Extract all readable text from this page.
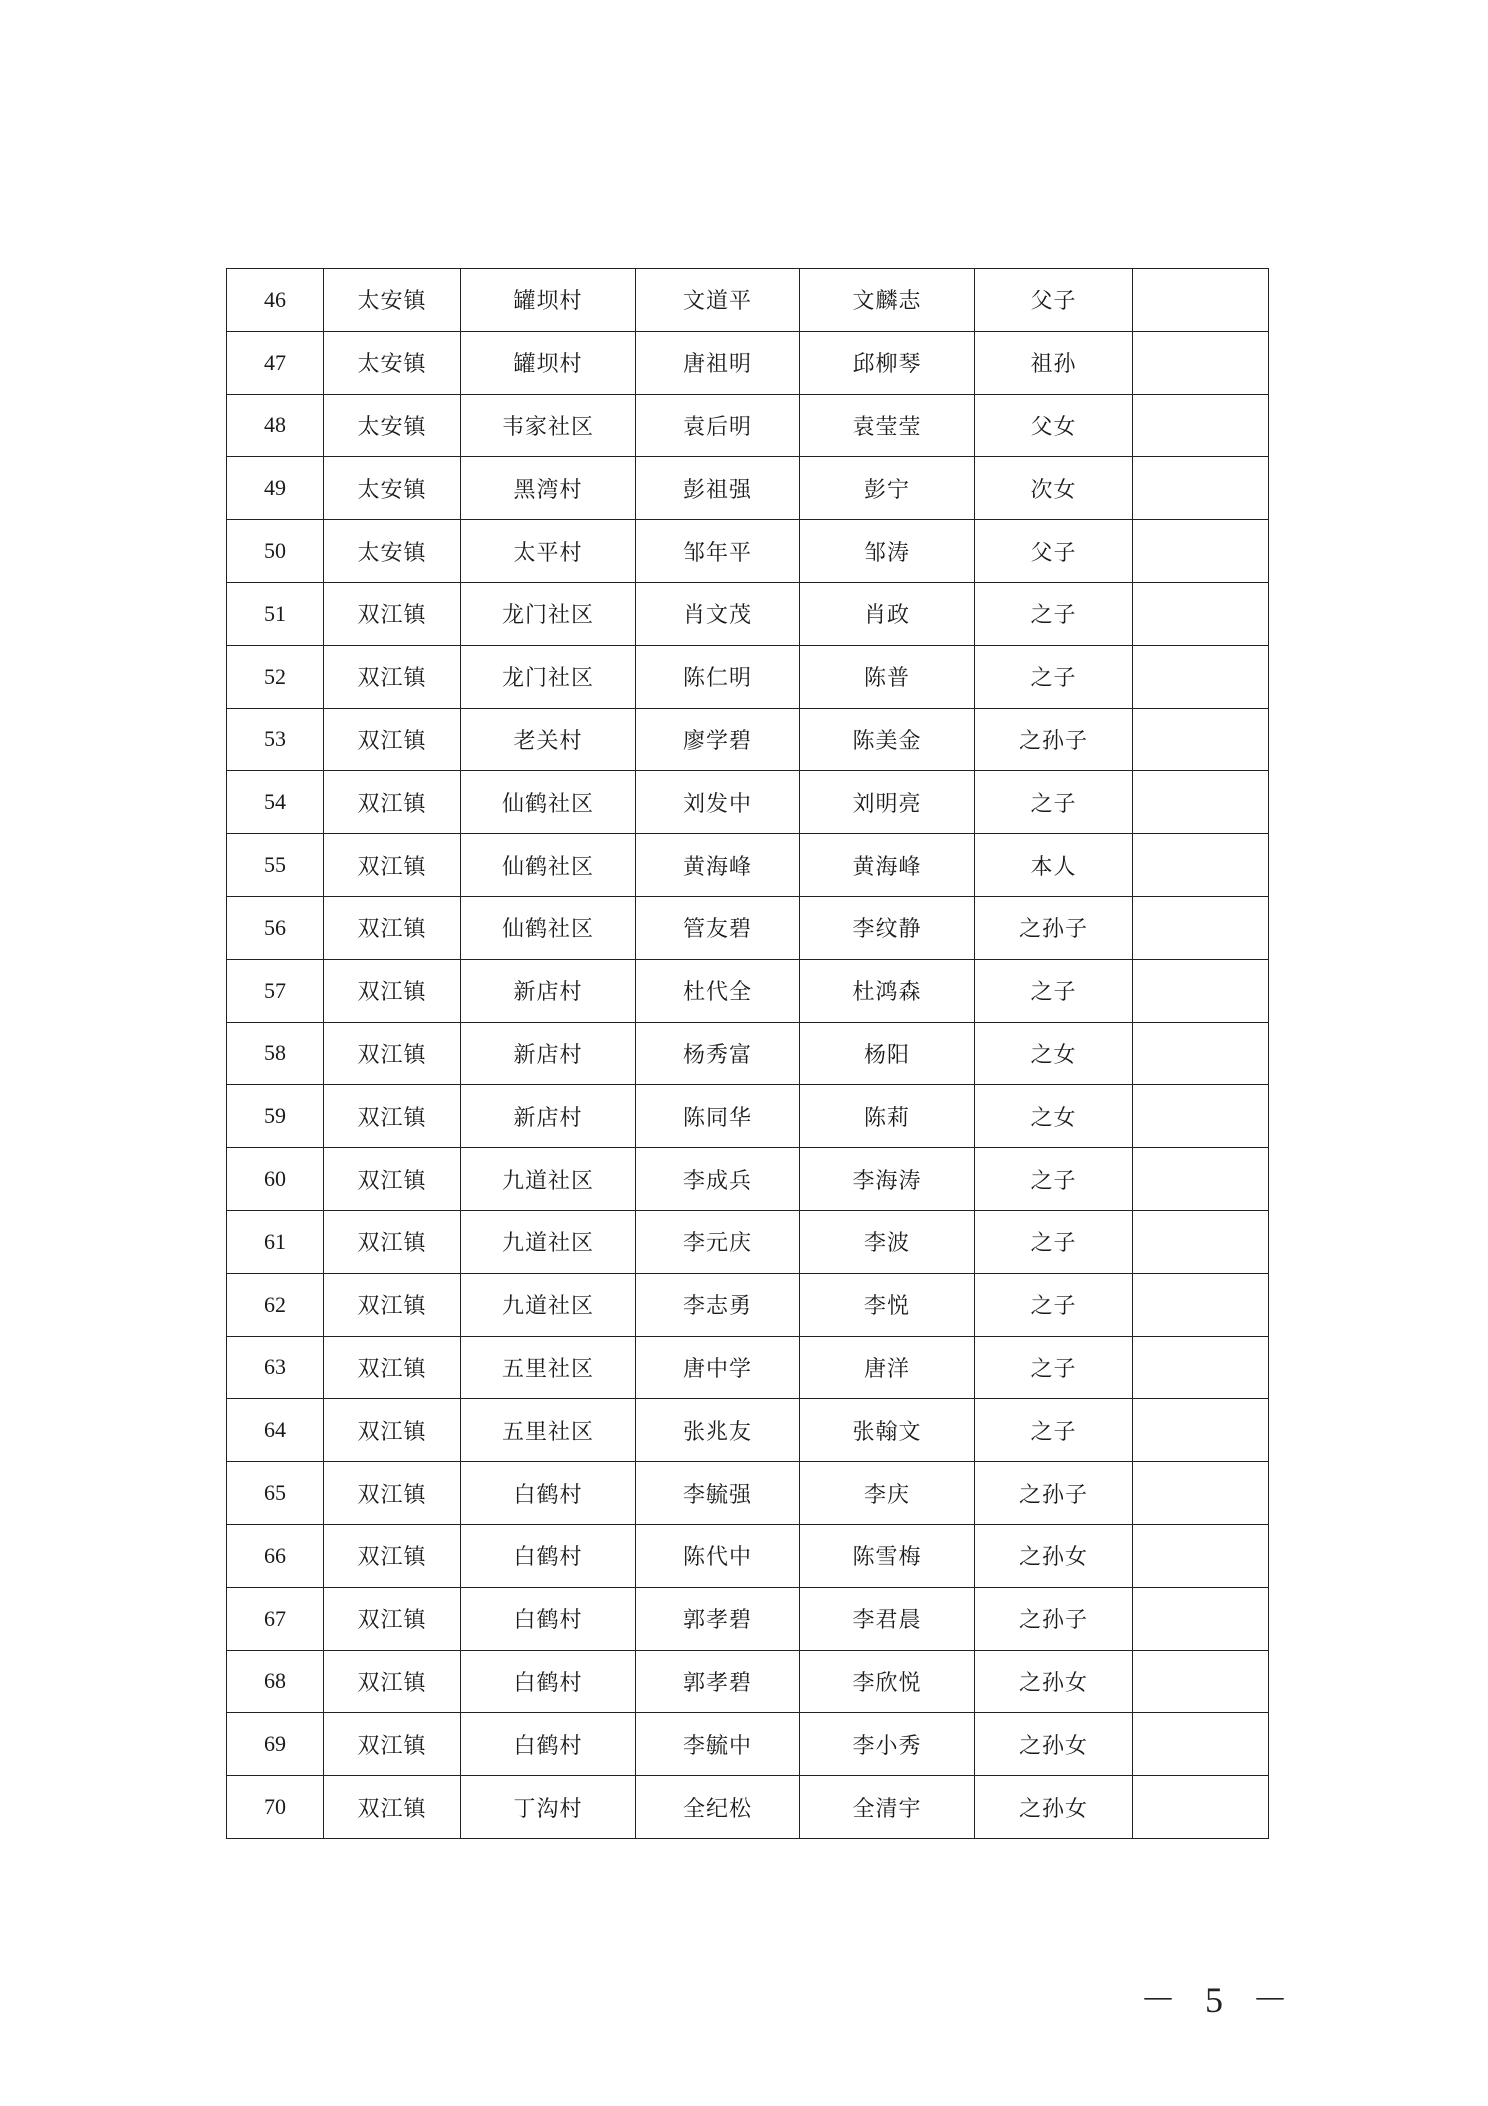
46	太安镇	罐坝村	文道平	文麟志	父子	
47	太安镇	罐坝村	唐祖明	邱柳琴	祖孙	
48	太安镇	韦家社区	袁后明	袁莹莹	父女	
49	太安镇	黑湾村	彭祖强	彭宁	次女	
50	太安镇	太平村	邹年平	邹涛	父子	
51	双江镇	龙门社区	肖文茂	肖政	之子	
52	双江镇	龙门社区	陈仁明	陈普	之子	
53	双江镇	老关村	廖学碧	陈美金	之孙子	
54	双江镇	仙鹤社区	刘发中	刘明亮	之子	
55	双江镇	仙鹤社区	黄海峰	黄海峰	本人	
56	双江镇	仙鹤社区	管友碧	李纹静	之孙子	
57	双江镇	新店村	杜代全	杜鸿森	之子	
58	双江镇	新店村	杨秀富	杨阳	之女	
59	双江镇	新店村	陈同华	陈莉	之女	
60	双江镇	九道社区	李成兵	李海涛	之子	
61	双江镇	九道社区	李元庆	李波	之子	
62	双江镇	九道社区	李志勇	李悦	之子	
63	双江镇	五里社区	唐中学	唐洋	之子	
64	双江镇	五里社区	张兆友	张翰文	之子	
65	双江镇	白鹤村	李毓强	李庆	之孙子	
66	双江镇	白鹤村	陈代中	陈雪梅	之孙女	
67	双江镇	白鹤村	郭孝碧	李君晨	之孙子	
68	双江镇	白鹤村	郭孝碧	李欣悦	之孙女	
69	双江镇	白鹤村	李毓中	李小秀	之孙女	
70	双江镇	丁沟村	全纪松	全清宇	之孙女	
－ 5 －
